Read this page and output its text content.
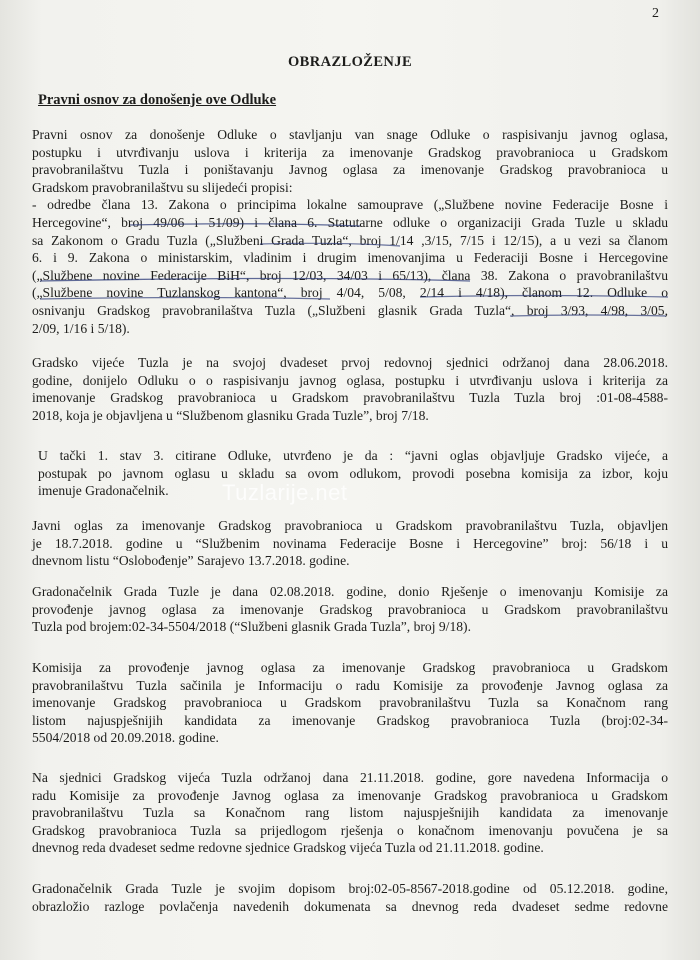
2
OBRAZLOŽENJE
Pravni osnov za donošenje ove Odluke

Pravni osnov za donošenje Odluke o stavljanju van snage Odluke o raspisivanju javnog oglasa,
postupku i utvrđivanju uslova i kriterija za imenovanje Gradskog pravobranioca u Gradskom
pravobranilaštvu Tuzla i poništavanju Javnog oglasa za imenovanje Gradskog pravobranioca u
Gradskom pravobranilaštvu su slijedeći propisi:
- odredbe člana 13. Zakona o principima lokalne samouprave („Službene novine Federacije Bosne i
Hercegovine“, broj 49/06 i 51/09) i člana 6. Statutarne odluke o organizaciji Grada Tuzle u skladu
sa Zakonom o Gradu Tuzla („Službeni Grada Tuzla“, broj 1/14 ,3/15, 7/15 i 12/15), a u vezi sa članom
6. i 9. Zakona o ministarskim, vladinim i drugim imenovanjima u Federaciji Bosne i Hercegovine
(„Službene novine Federacije BiH“, broj 12/03, 34/03 i 65/13), člana 38. Zakona o pravobranilaštvu
(„Službene novine Tuzlanskog kantona“, broj 4/04, 5/08, 2/14 i 4/18), članom 12. Odluke o
osnivanju Gradskog pravobranilaštva Tuzla („Službeni glasnik Grada Tuzla“, broj 3/93, 4/98, 3/05,
2/09, 1/16 i 5/18).

Gradsko vijeće Tuzla je na svojoj dvadeset prvoj redovnoj sjednici održanoj dana 28.06.2018.
godine, donijelo Odluku o o raspisivanju javnog oglasa, postupku i utvrđivanju uslova i kriterija za
imenovanje Gradskog pravobranioca u Gradskom pravobranilaštvu Tuzla Tuzla broj :01-08-4588-
2018, koja je objavljena u “Službenom glasniku Grada Tuzle”, broj 7/18.

U tački 1. stav 3. citirane Odluke, utvrđeno je da : “javni oglas objavljuje Gradsko vijeće, a
postupak po javnom oglasu u skladu sa ovom odlukom, provodi posebna komisija za izbor, koju
imenuje Gradonačelnik.

Javni oglas za imenovanje Gradskog pravobranioca u Gradskom pravobranilaštvu Tuzla, objavljen
je 18.7.2018. godine u “Službenim novinama Federacije Bosne i Hercegovine” broj: 56/18 i u
dnevnom listu “Oslobođenje” Sarajevo 13.7.2018. godine.

Gradonačelnik Grada Tuzle je dana 02.08.2018. godine, donio Rješenje o imenovanju Komisije za
provođenje javnog oglasa za imenovanje Gradskog pravobranioca u Gradskom pravobranilaštvu
Tuzla pod brojem:02-34-5504/2018 (“Službeni glasnik Grada Tuzla”, broj 9/18).

Komisija za provođenje javnog oglasa za imenovanje Gradskog pravobranioca u Gradskom
pravobranilaštvu Tuzla sačinila je Informaciju o radu Komisije za provođenje Javnog oglasa za
imenovanje Gradskog pravobranioca u Gradskom pravobranilaštvu Tuzla sa Konačnom rang
listom najuspješnijih kandidata za imenovanje Gradskog pravobranioca Tuzla (broj:02-34-
5504/2018 od 20.09.2018. godine.

Na sjednici Gradskog vijeća Tuzla održanoj dana 21.11.2018. godine, gore navedena Informacija o
radu Komisije za provođenje Javnog oglasa za imenovanje Gradskog pravobranioca u Gradskom
pravobranilaštvu Tuzla sa Konačnom rang listom najuspješnijih kandidata za imenovanje
Gradskog pravobranioca Tuzla sa prijedlogom rješenja o konačnom imenovanju povučena je sa
dnevnog reda dvadeset sedme redovne sjednice Gradskog vijeća Tuzla od 21.11.2018. godine.

Gradonačelnik Grada Tuzle je svojim dopisom broj:02-05-8567-2018.godine od 05.12.2018. godine,
obrazložio razloge povlačenja navedenih dokumenata sa dnevnog reda dvadeset sedme redovne

Tuzlarije.net
